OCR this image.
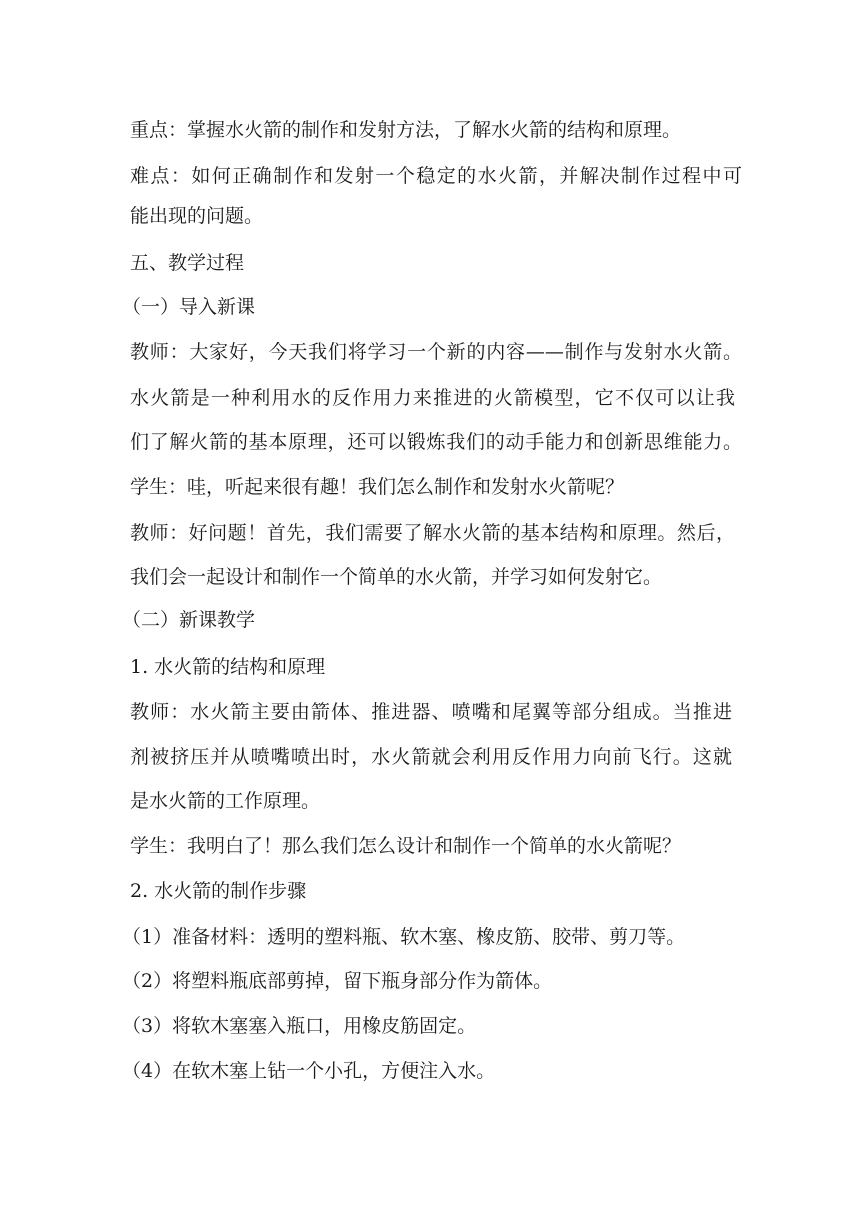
重点：掌握水火箭的制作和发射方法，了解水火箭的结构和原理。
难点：如何正确制作和发射一个稳定的水火箭，并解决制作过程中可
能出现的问题。
五、教学过程
（一）导入新课
教师：大家好，今天我们将学习一个新的内容——制作与发射水火箭。
水火箭是一种利用水的反作用力来推进的火箭模型，它不仅可以让我
们了解火箭的基本原理，还可以锻炼我们的动手能力和创新思维能力。
学生：哇，听起来很有趣！我们怎么制作和发射水火箭呢？
教师：好问题！首先，我们需要了解水火箭的基本结构和原理。然后，
我们会一起设计和制作一个简单的水火箭，并学习如何发射它。
（二）新课教学
1. 水火箭的结构和原理
教师：水火箭主要由箭体、推进器、喷嘴和尾翼等部分组成。当推进
剂被挤压并从喷嘴喷出时，水火箭就会利用反作用力向前飞行。这就
是水火箭的工作原理。
学生：我明白了！那么我们怎么设计和制作一个简单的水火箭呢？
2. 水火箭的制作步骤
（1）准备材料：透明的塑料瓶、软木塞、橡皮筋、胶带、剪刀等。
（2）将塑料瓶底部剪掉，留下瓶身部分作为箭体。
（3）将软木塞塞入瓶口，用橡皮筋固定。
（4）在软木塞上钻一个小孔，方便注入水。
